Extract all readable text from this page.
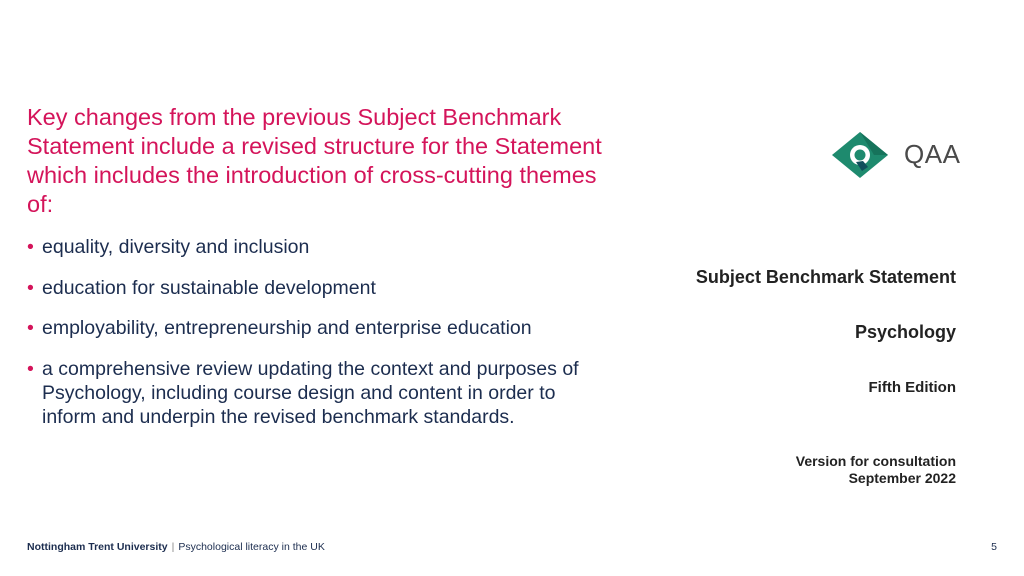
Key changes from the previous Subject Benchmark Statement include a revised structure for the Statement which includes the introduction of cross-cutting themes of:
• equality, diversity and inclusion
• education for sustainable development
• employability, entrepreneurship and enterprise education
• a comprehensive review updating the context and purposes of Psychology, including course design and content in order to inform and underpin the revised benchmark standards.
QAA
Subject Benchmark Statement
Psychology
Fifth Edition
Version for consultation
September 2022
Nottingham Trent University | Psychological literacy in the UK	5
